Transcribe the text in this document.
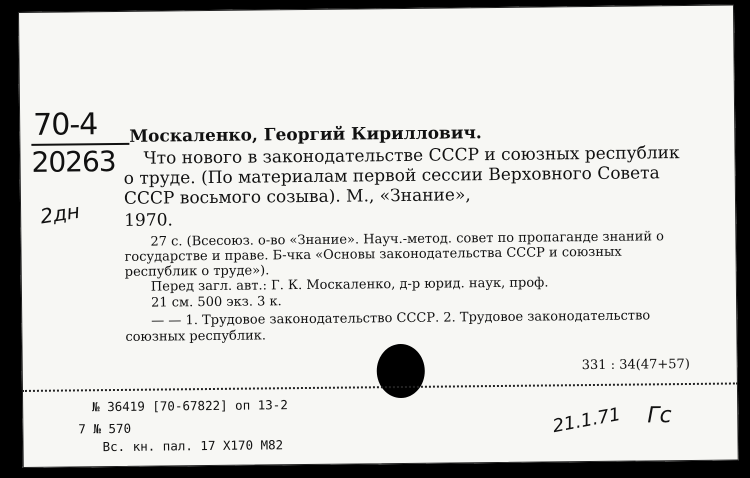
70-4
20263
2дн
Москаленко, Георгий Кириллович.
Что нового в законодательстве СССР и союзных республик о труде. (По материалам первой сессии Верховного Совета СССР восьмого созыва). М., «Знание»,
1970.
27 с. (Всесоюз. о-во «Знание». Науч.-метод. совет по пропаганде знаний о государстве и праве. Б-чка «Основы законодательства СССР и союзных республик о труде»).
Перед загл. авт.: Г. К. Москаленко, д-р юрид. наук, проф.
21 см. 500 экз. 3 к.
— — 1. Трудовое законодательство СССР. 2. Трудовое законодательство союзных республик.
331 : 34(47+57)
№ 36419 [70-67822] оп 13-2
7 № 570
Вс. кн. пал. 17 Х170 М82
21.1.71 Гс
